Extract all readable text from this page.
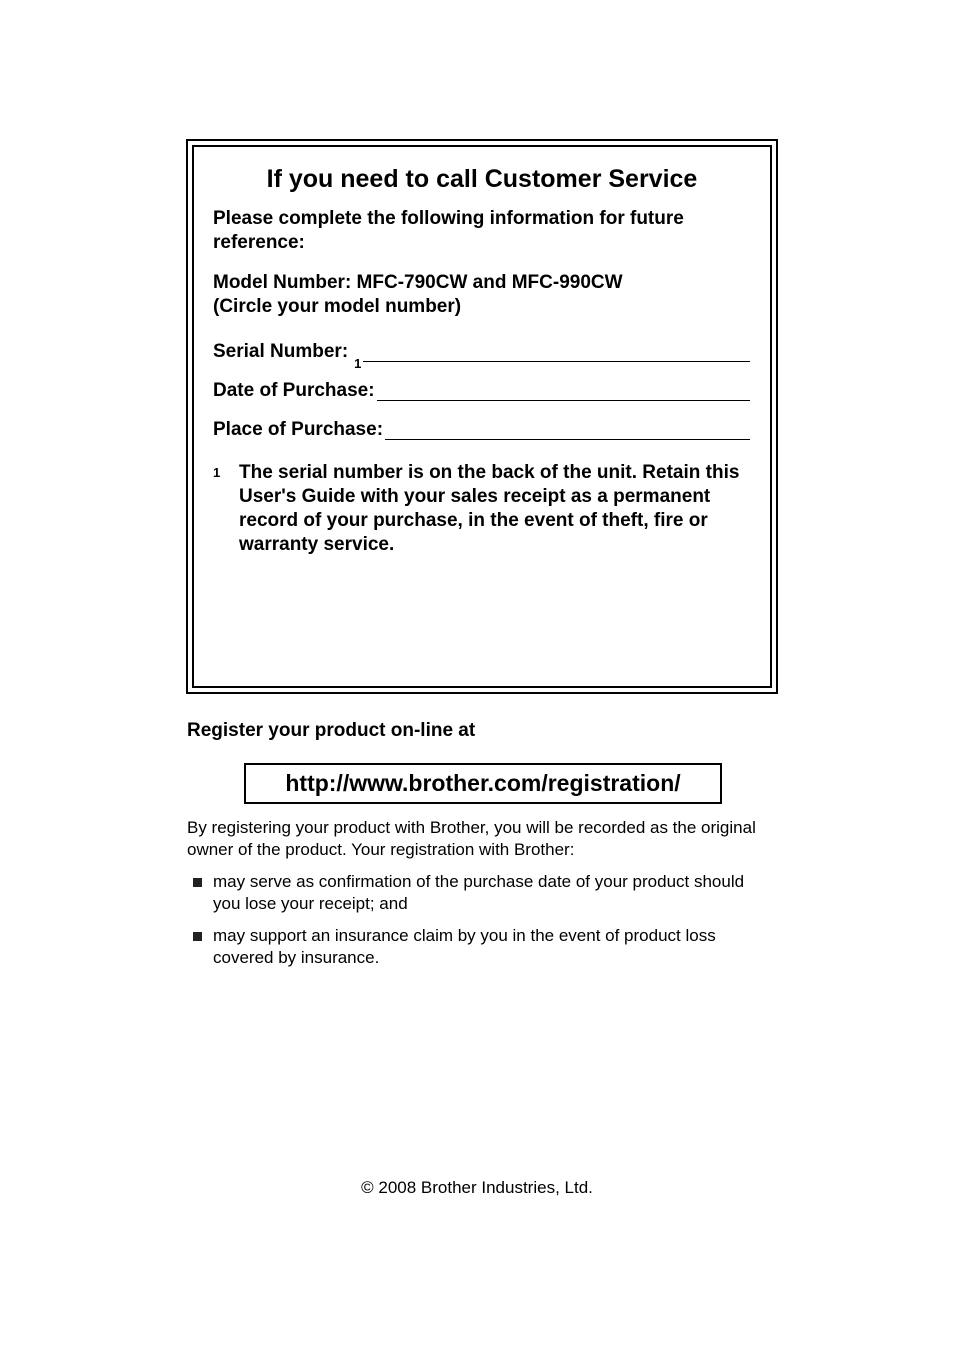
If you need to call Customer Service
Please complete the following information for future reference:
Model Number: MFC-790CW and MFC-990CW
(Circle your model number)
Serial Number:
1
Date of Purchase:
Place of Purchase:
1 The serial number is on the back of the unit. Retain this User's Guide with your sales receipt as a permanent record of your purchase, in the event of theft, fire or warranty service.
Register your product on-line at
http://www.brother.com/registration/
By registering your product with Brother, you will be recorded as the original owner of the product. Your registration with Brother:
may serve as confirmation of the purchase date of your product should you lose your receipt; and
may support an insurance claim by you in the event of product loss covered by insurance.
© 2008 Brother Industries, Ltd.
